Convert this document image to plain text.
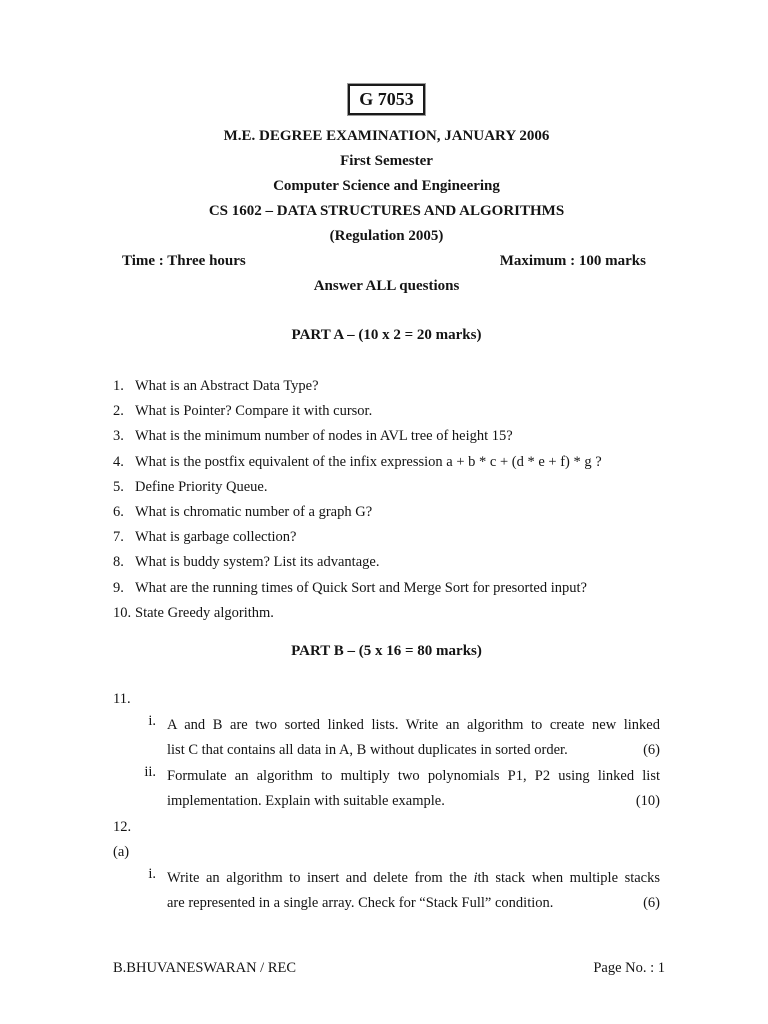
G 7053
M.E. DEGREE EXAMINATION, JANUARY 2006
First Semester
Computer Science and Engineering
CS 1602 – DATA STRUCTURES AND ALGORITHMS
(Regulation 2005)
Time : Three hours	Maximum : 100 marks
Answer ALL questions
PART A – (10 x 2 = 20 marks)
1. What is an Abstract Data Type?
2. What is Pointer? Compare it with cursor.
3. What is the minimum number of nodes in AVL tree of height 15?
4. What is the postfix equivalent of the infix expression a + b * c + (d * e + f) * g ?
5. Define Priority Queue.
6. What is chromatic number of a graph G?
7. What is garbage collection?
8. What is buddy system? List its advantage.
9. What are the running times of Quick Sort and Merge Sort for presorted input?
10. State Greedy algorithm.
PART B – (5 x 16 = 80 marks)
11.
i. A and B are two sorted linked lists. Write an algorithm to create new linked
list C that contains all data in A, B without duplicates in sorted order.	(6)
ii. Formulate an algorithm to multiply two polynomials P1, P2 using linked list
implementation. Explain with suitable example.	(10)
12.
(a)
i. Write an algorithm to insert and delete from the ith stack when multiple stacks
are represented in a single array. Check for “Stack Full” condition.	(6)
B.BHUVANESWARAN / REC	Page No. : 1
